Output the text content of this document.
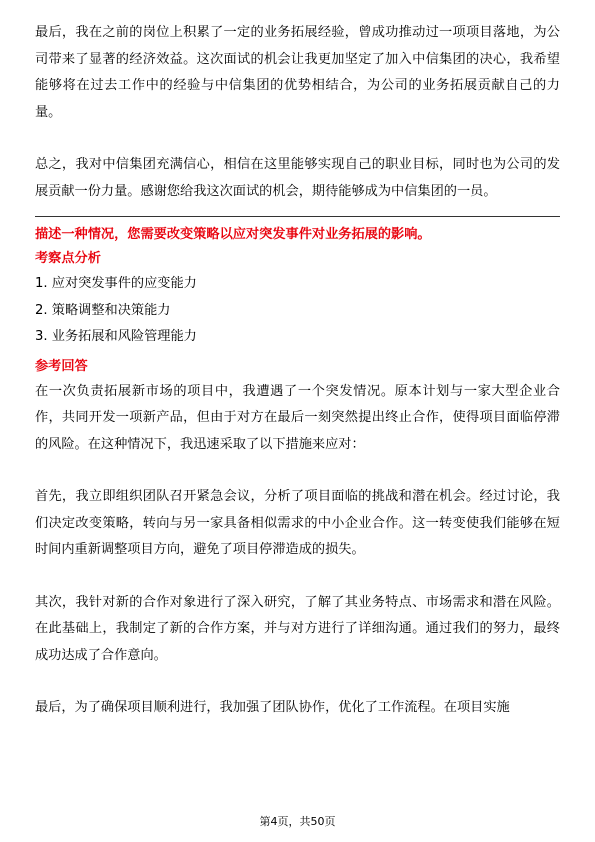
最后，我在之前的岗位上积累了一定的业务拓展经验，曾成功推动过一项项目落地，为公司带来了显著的经济效益。这次面试的机会让我更加坚定了加入中信集团的决心，我希望能够将在过去工作中的经验与中信集团的优势相结合，为公司的业务拓展贡献自己的力量。

总之，我对中信集团充满信心，相信在这里能够实现自己的职业目标，同时也为公司的发展贡献一份力量。感谢您给我这次面试的机会，期待能够成为中信集团的一员。

描述一种情况，您需要改变策略以应对突发事件对业务拓展的影响。

考察点分析

1. 应对突发事件的应变能力

2. 策略调整和决策能力

3. 业务拓展和风险管理能力

参考回答

在一次负责拓展新市场的项目中，我遭遇了一个突发情况。原本计划与一家大型企业合作，共同开发一项新产品，但由于对方在最后一刻突然提出终止合作，使得项目面临停滞的风险。在这种情况下，我迅速采取了以下措施来应对：

首先，我立即组织团队召开紧急会议，分析了项目面临的挑战和潜在机会。经过讨论，我们决定改变策略，转向与另一家具备相似需求的中小企业合作。这一转变使我们能够在短时间内重新调整项目方向，避免了项目停滞造成的损失。

其次，我针对新的合作对象进行了深入研究，了解了其业务特点、市场需求和潜在风险。在此基础上，我制定了新的合作方案，并与对方进行了详细沟通。通过我们的努力，最终成功达成了合作意向。

最后，为了确保项目顺利进行，我加强了团队协作，优化了工作流程。在项目实施

第4页，共50页
